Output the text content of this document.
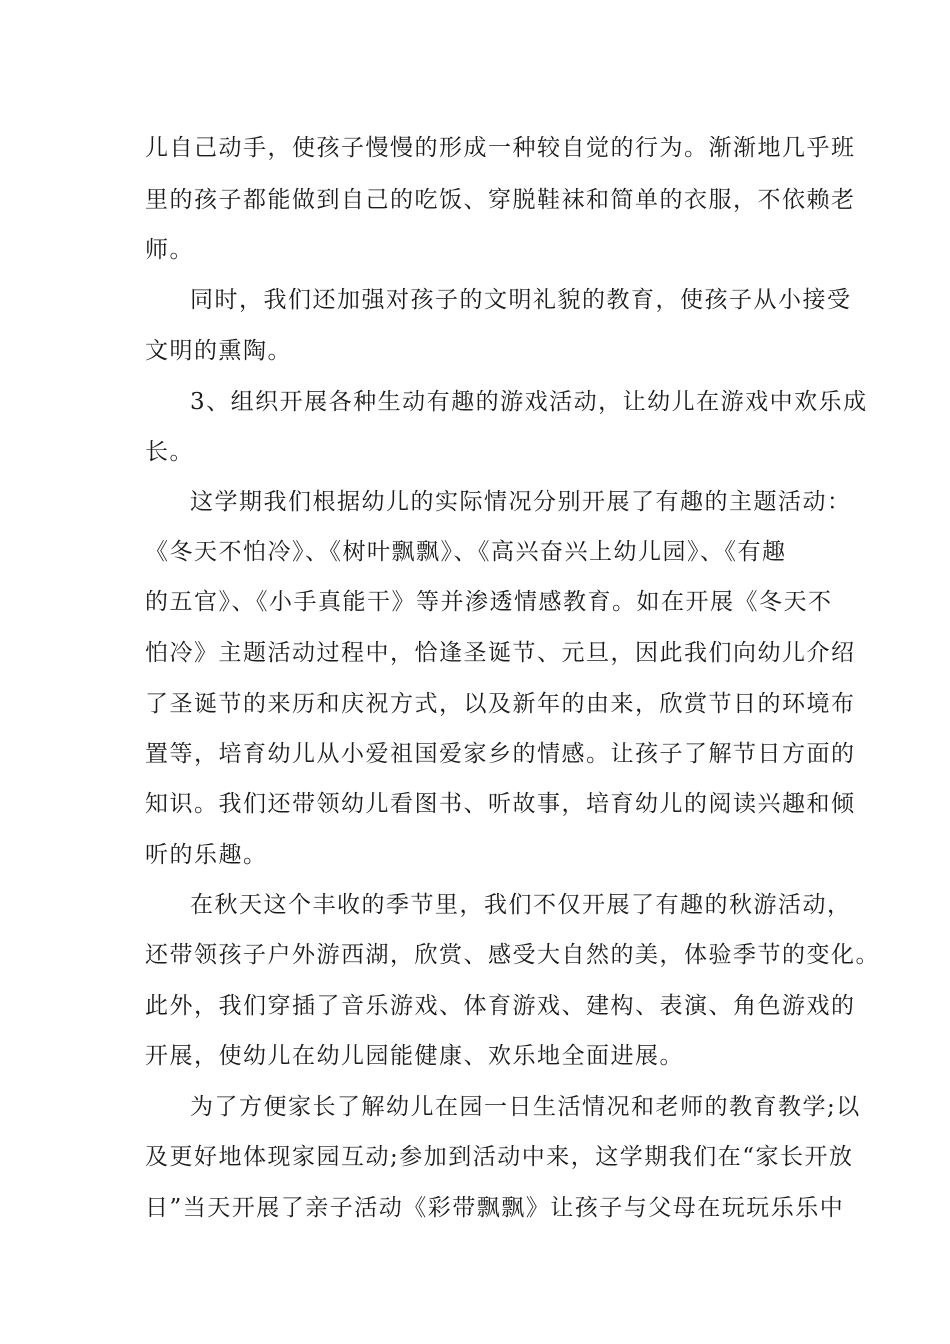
儿自己动手，使孩子慢慢的形成一种较自觉的行为。渐渐地几乎班
里的孩子都能做到自己的吃饭、穿脱鞋袜和简单的衣服，不依赖老
师。
同时，我们还加强对孩子的文明礼貌的教育，使孩子从小接受
文明的熏陶。
3、组织开展各种生动有趣的游戏活动，让幼儿在游戏中欢乐成
长。
这学期我们根据幼儿的实际情况分别开展了有趣的主题活动：
《冬天不怕冷》、《树叶飘飘》、《高兴奋兴上幼儿园》、《有趣
的五官》、《小手真能干》等并渗透情感教育。如在开展《冬天不
怕冷》主题活动过程中，恰逢圣诞节、元旦，因此我们向幼儿介绍
了圣诞节的来历和庆祝方式，以及新年的由来，欣赏节日的环境布
置等，培育幼儿从小爱祖国爱家乡的情感。让孩子了解节日方面的
知识。我们还带领幼儿看图书、听故事，培育幼儿的阅读兴趣和倾
听的乐趣。
在秋天这个丰收的季节里，我们不仅开展了有趣的秋游活动，
还带领孩子户外游西湖，欣赏、感受大自然的美，体验季节的变化。
此外，我们穿插了音乐游戏、体育游戏、建构、表演、角色游戏的
开展，使幼儿在幼儿园能健康、欢乐地全面进展。
为了方便家长了解幼儿在园一日生活情况和老师的教育教学;以
及更好地体现家园互动;参加到活动中来，这学期我们在“家长开放
日”当天开展了亲子活动《彩带飘飘》让孩子与父母在玩玩乐乐中
